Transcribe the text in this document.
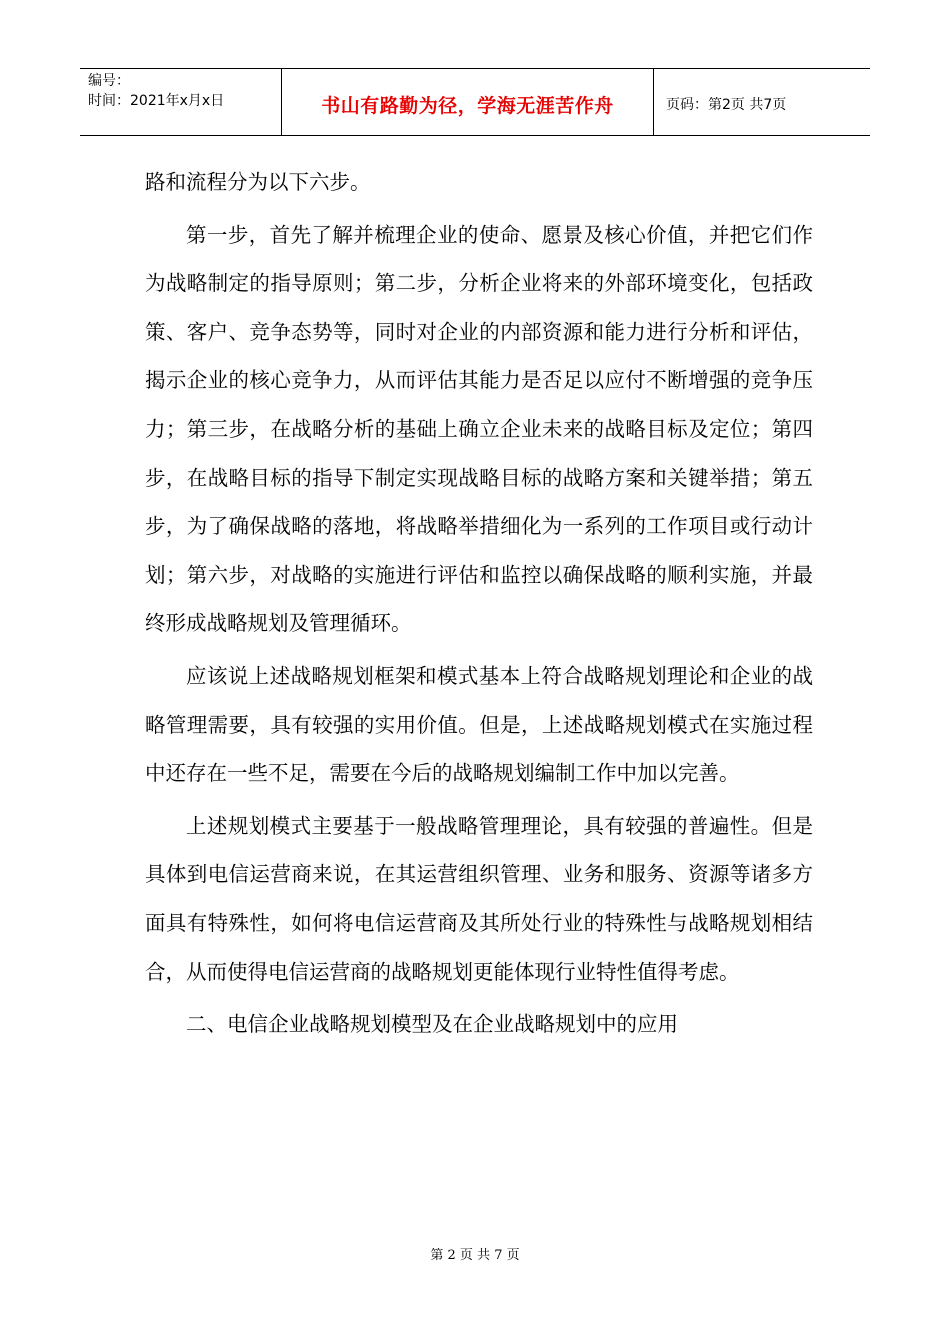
编号：
时间：2021年x月x日	书山有路勤为径，学海无涯苦作舟	页码：第2页 共7页

路和流程分为以下六步。

第一步，首先了解并梳理企业的使命、愿景及核心价值，并把它们作为战略制定的指导原则；第二步，分析企业将来的外部环境变化，包括政策、客户、竞争态势等，同时对企业的内部资源和能力进行分析和评估，揭示企业的核心竞争力，从而评估其能力是否足以应付不断增强的竞争压力；第三步，在战略分析的基础上确立企业未来的战略目标及定位；第四步，在战略目标的指导下制定实现战略目标的战略方案和关键举措；第五步，为了确保战略的落地，将战略举措细化为一系列的工作项目或行动计划；第六步，对战略的实施进行评估和监控以确保战略的顺利实施，并最终形成战略规划及管理循环。

应该说上述战略规划框架和模式基本上符合战略规划理论和企业的战略管理需要，具有较强的实用价值。但是，上述战略规划模式在实施过程中还存在一些不足，需要在今后的战略规划编制工作中加以完善。

上述规划模式主要基于一般战略管理理论，具有较强的普遍性。但是具体到电信运营商来说，在其运营组织管理、业务和服务、资源等诸多方面具有特殊性，如何将电信运营商及其所处行业的特殊性与战略规划相结合，从而使得电信运营商的战略规划更能体现行业特性值得考虑。

二、电信企业战略规划模型及在企业战略规划中的应用

第 2 页 共 7 页
